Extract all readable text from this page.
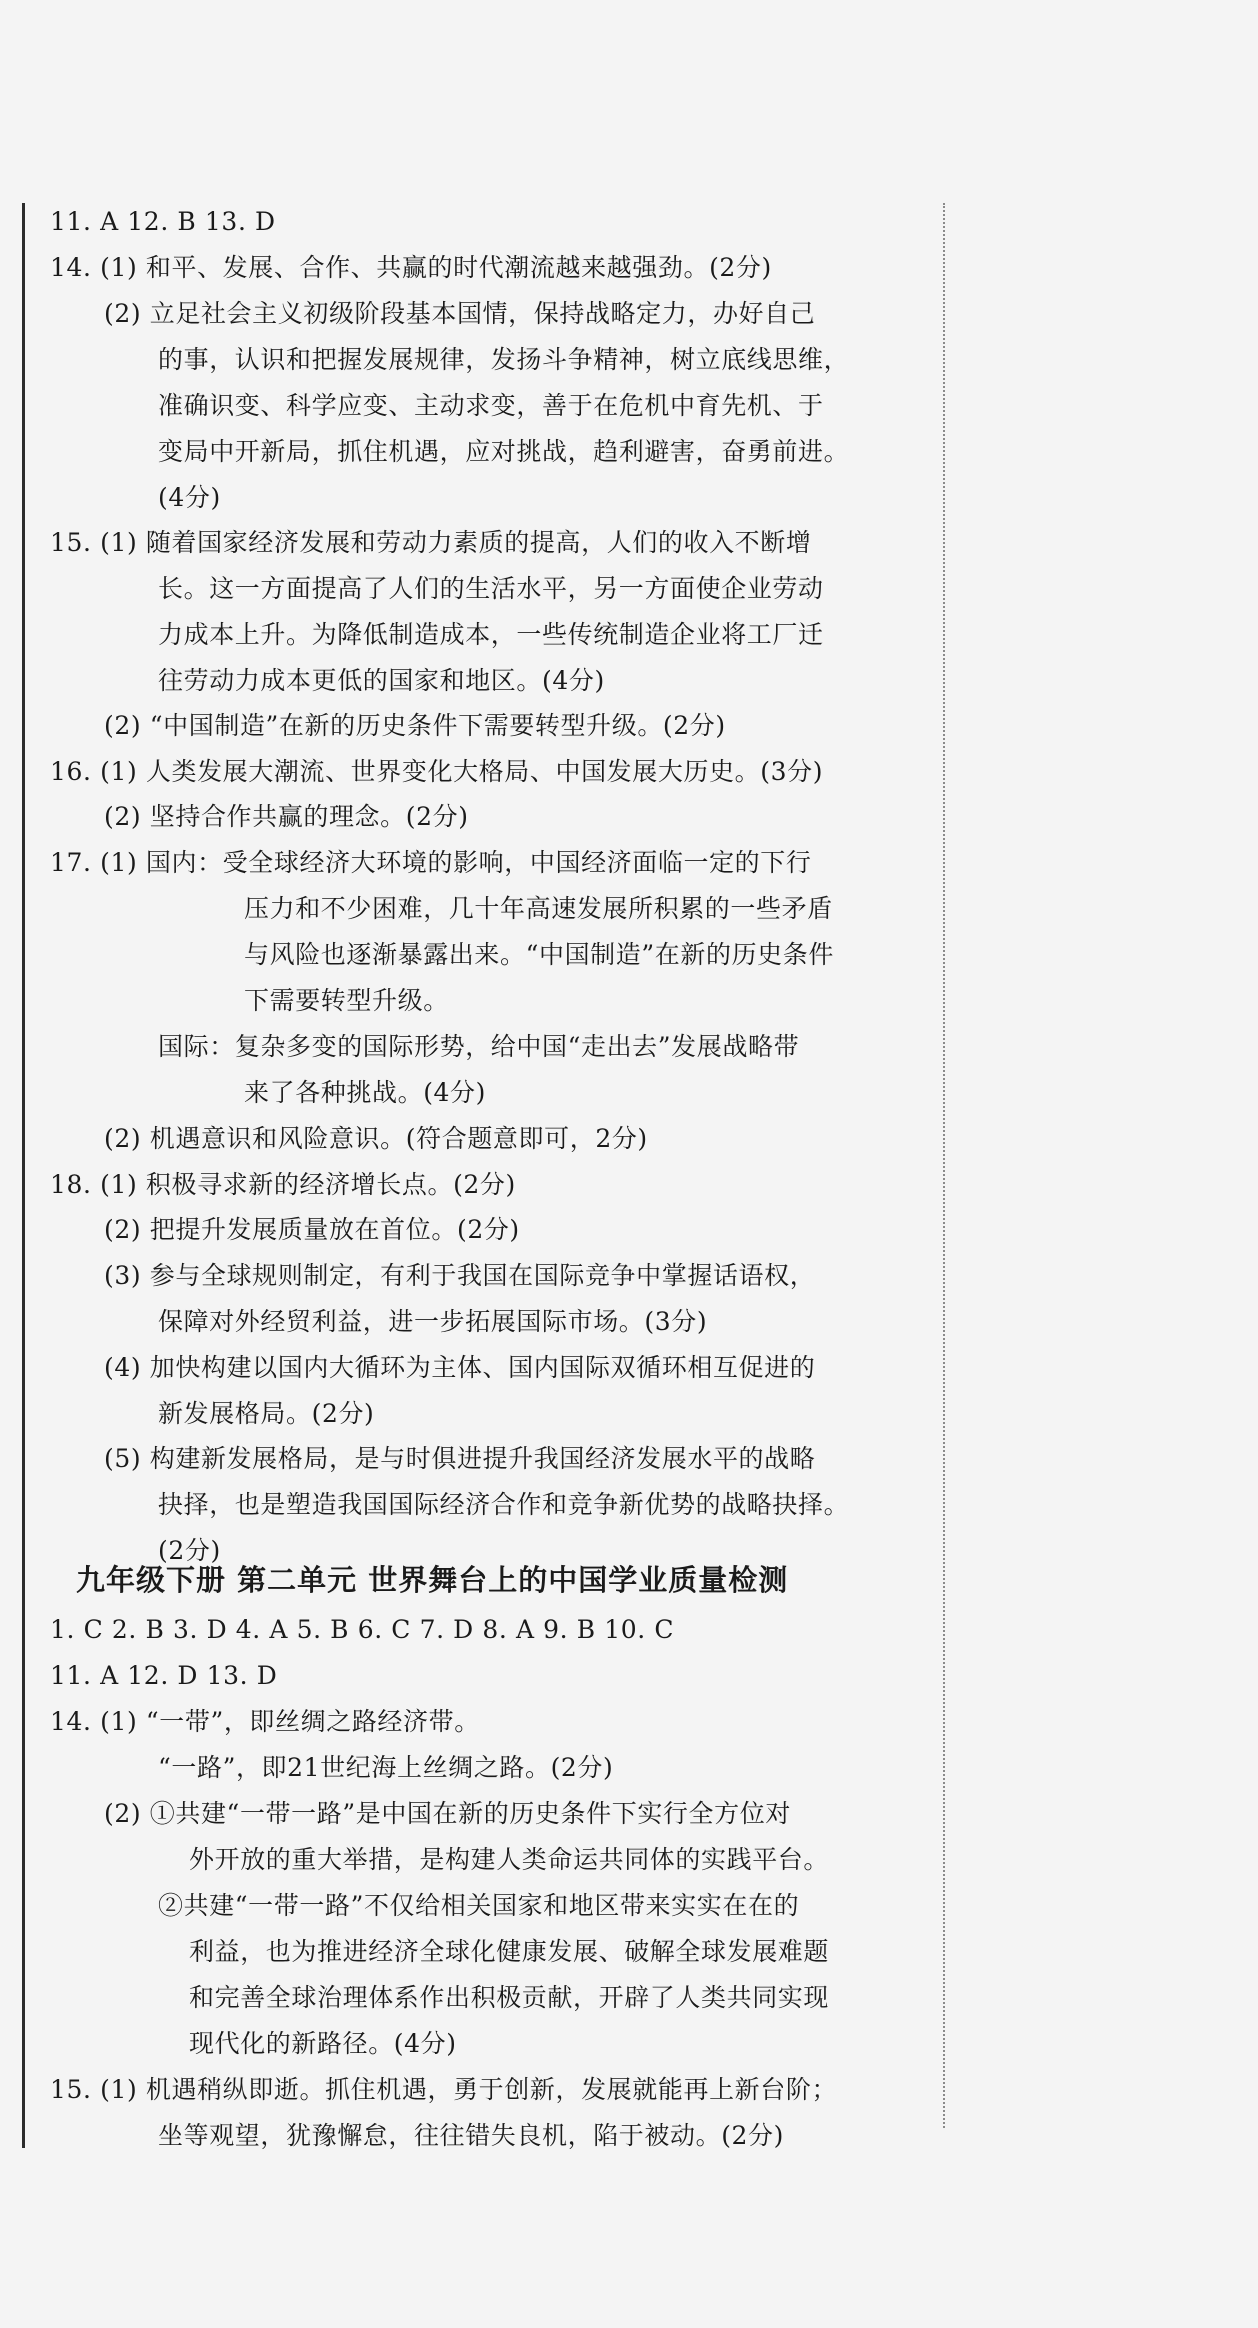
11. A 12. B 13. D
14. (1) 和平、发展、合作、共赢的时代潮流越来越强劲。(2分)
(2) 立足社会主义初级阶段基本国情，保持战略定力，办好自己
的事，认识和把握发展规律，发扬斗争精神，树立底线思维，
准确识变、科学应变、主动求变，善于在危机中育先机、于
变局中开新局，抓住机遇，应对挑战，趋利避害，奋勇前进。
(4分)
15. (1) 随着国家经济发展和劳动力素质的提高，人们的收入不断增
长。这一方面提高了人们的生活水平，另一方面使企业劳动
力成本上升。为降低制造成本，一些传统制造企业将工厂迁
往劳动力成本更低的国家和地区。(4分)
(2) “中国制造”在新的历史条件下需要转型升级。(2分)
16. (1) 人类发展大潮流、世界变化大格局、中国发展大历史。(3分)
(2) 坚持合作共赢的理念。(2分)
17. (1) 国内：受全球经济大环境的影响，中国经济面临一定的下行
压力和不少困难，几十年高速发展所积累的一些矛盾
与风险也逐渐暴露出来。“中国制造”在新的历史条件
下需要转型升级。
国际：复杂多变的国际形势，给中国“走出去”发展战略带
来了各种挑战。(4分)
(2) 机遇意识和风险意识。(符合题意即可，2分)
18. (1) 积极寻求新的经济增长点。(2分)
(2) 把提升发展质量放在首位。(2分)
(3) 参与全球规则制定，有利于我国在国际竞争中掌握话语权，
保障对外经贸利益，进一步拓展国际市场。(3分)
(4) 加快构建以国内大循环为主体、国内国际双循环相互促进的
新发展格局。(2分)
(5) 构建新发展格局，是与时俱进提升我国经济发展水平的战略
抉择，也是塑造我国国际经济合作和竞争新优势的战略抉择。
(2分)
九年级下册 第二单元 世界舞台上的中国学业质量检测
1. C 2. B 3. D 4. A 5. B 6. C 7. D 8. A 9. B 10. C
11. A 12. D 13. D
14. (1) “一带”，即丝绸之路经济带。
“一路”，即21世纪海上丝绸之路。(2分)
(2) ①共建“一带一路”是中国在新的历史条件下实行全方位对
外开放的重大举措，是构建人类命运共同体的实践平台。
②共建“一带一路”不仅给相关国家和地区带来实实在在的
利益，也为推进经济全球化健康发展、破解全球发展难题
和完善全球治理体系作出积极贡献，开辟了人类共同实现
现代化的新路径。(4分)
15. (1) 机遇稍纵即逝。抓住机遇，勇于创新，发展就能再上新台阶；
坐等观望，犹豫懈怠，往往错失良机，陷于被动。(2分)
